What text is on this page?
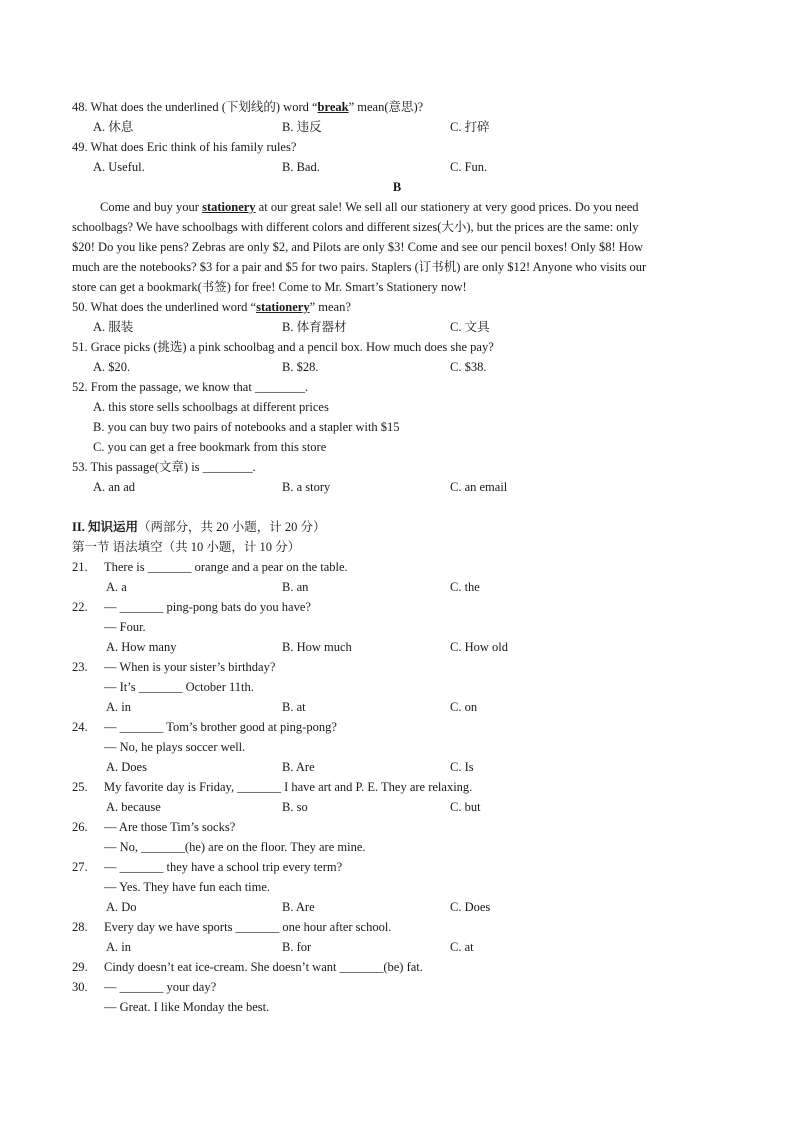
48. What does the underlined (下划线的) word “break” mean(意思)?
A. 休息	B. 违反	C. 打碎
49. What does Eric think of his family rules?
A. Useful.	B. Bad.	C. Fun.
B
Come and buy your stationery at our great sale! We sell all our stationery at very good prices. Do you need
schoolbags? We have schoolbags with different colors and different sizes(大小), but the prices are the same: only
$20! Do you like pens? Zebras are only $2, and Pilots are only $3! Come and see our pencil boxes! Only $8! How
much are the notebooks? $3 for a pair and $5 for two pairs. Staplers (订书机) are only $12! Anyone who visits our
store can get a bookmark(书签) for free! Come to Mr. Smart’s Stationery now!
50. What does the underlined word “stationery” mean?
A. 服装	B. 体育器材	C. 文具
51. Grace picks (挑选) a pink schoolbag and a pencil box. How much does she pay?
A. $20.	B. $28.	C. $38.
52. From the passage, we know that ________.
A. this store sells schoolbags at different prices
B. you can buy two pairs of notebooks and a stapler with $15
C. you can get a free bookmark from this store
53. This passage(文章) is ________.
A. an ad	B. a story	C. an email
II. 知识运用（两部分，共 20 小题，计 20 分）
第一节 语法填空（共 10 小题，计 10 分）
21. There is _______ orange and a pear on the table.
A. a	B. an	C. the
22. — _______ ping-pong bats do you have?
— Four.
A. How many	B. How much	C. How old
23. — When is your sister’s birthday?
— It’s _______ October 11th.
A. in	B. at	C. on
24. — _______ Tom’s brother good at ping-pong?
— No, he plays soccer well.
A. Does	B. Are	C. Is
25. My favorite day is Friday, _______ I have art and P. E. They are relaxing.
A. because	B. so	C. but
26. — Are those Tim’s socks?
— No, _______(he) are on the floor. They are mine.
27. — _______ they have a school trip every term?
— Yes. They have fun each time.
A. Do	B. Are	C. Does
28. Every day we have sports _______ one hour after school.
A. in	B. for	C. at
29. Cindy doesn’t eat ice-cream. She doesn’t want _______(be) fat.
30. — _______ your day?
— Great. I like Monday the best.
